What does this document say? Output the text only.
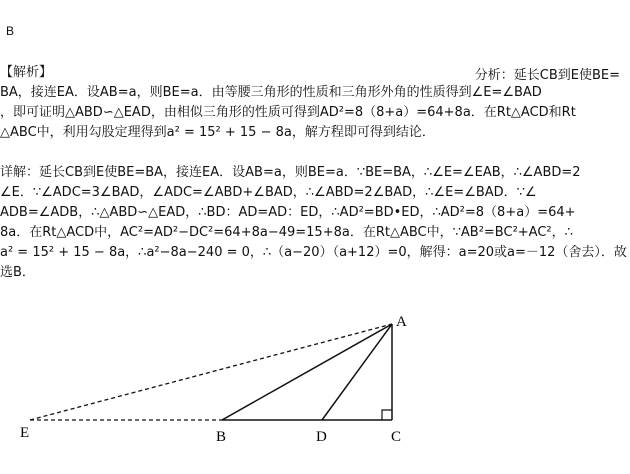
B
【解析】	分析：延长CB到E使BE=
BA，接连EA．设AB=a，则BE=a．由等腰三角形的性质和三角形外角的性质得到∠E=∠BAD
，即可证明△ABD∽△EAD，由相似三角形的性质可得到AD²=8（8+a）=64+8a．在Rt△ACD和Rt
△ABC中，利用勾股定理得到a² = 15² + 15 − 8a，解方程即可得到结论．
详解：延长CB到E使BE=BA，接连EA．设AB=a，则BE=a．∵BE=BA，∴∠E=∠EAB，∴∠ABD=2
∠E．∵∠ADC=3∠BAD，∠ADC=∠ABD+∠BAD，∴∠ABD=2∠BAD，∴∠E=∠BAD．∵∠
ADB=∠ADB，∴△ABD∽△EAD，∴BD：AD=AD：ED，∴AD²=BD•ED，∴AD²=8（8+a）=64+
8a．在Rt△ACD中，AC²=AD²−DC²=64+8a−49=15+8a．在Rt△ABC中，∵AB²=BC²+AC²，∴
a² = 15² + 15 − 8a，∴a²−8a−240 = 0，∴（a−20）（a+12）=0，解得：a=20或a=－12（舍去）．故
选B．
A
B	D	C
E
